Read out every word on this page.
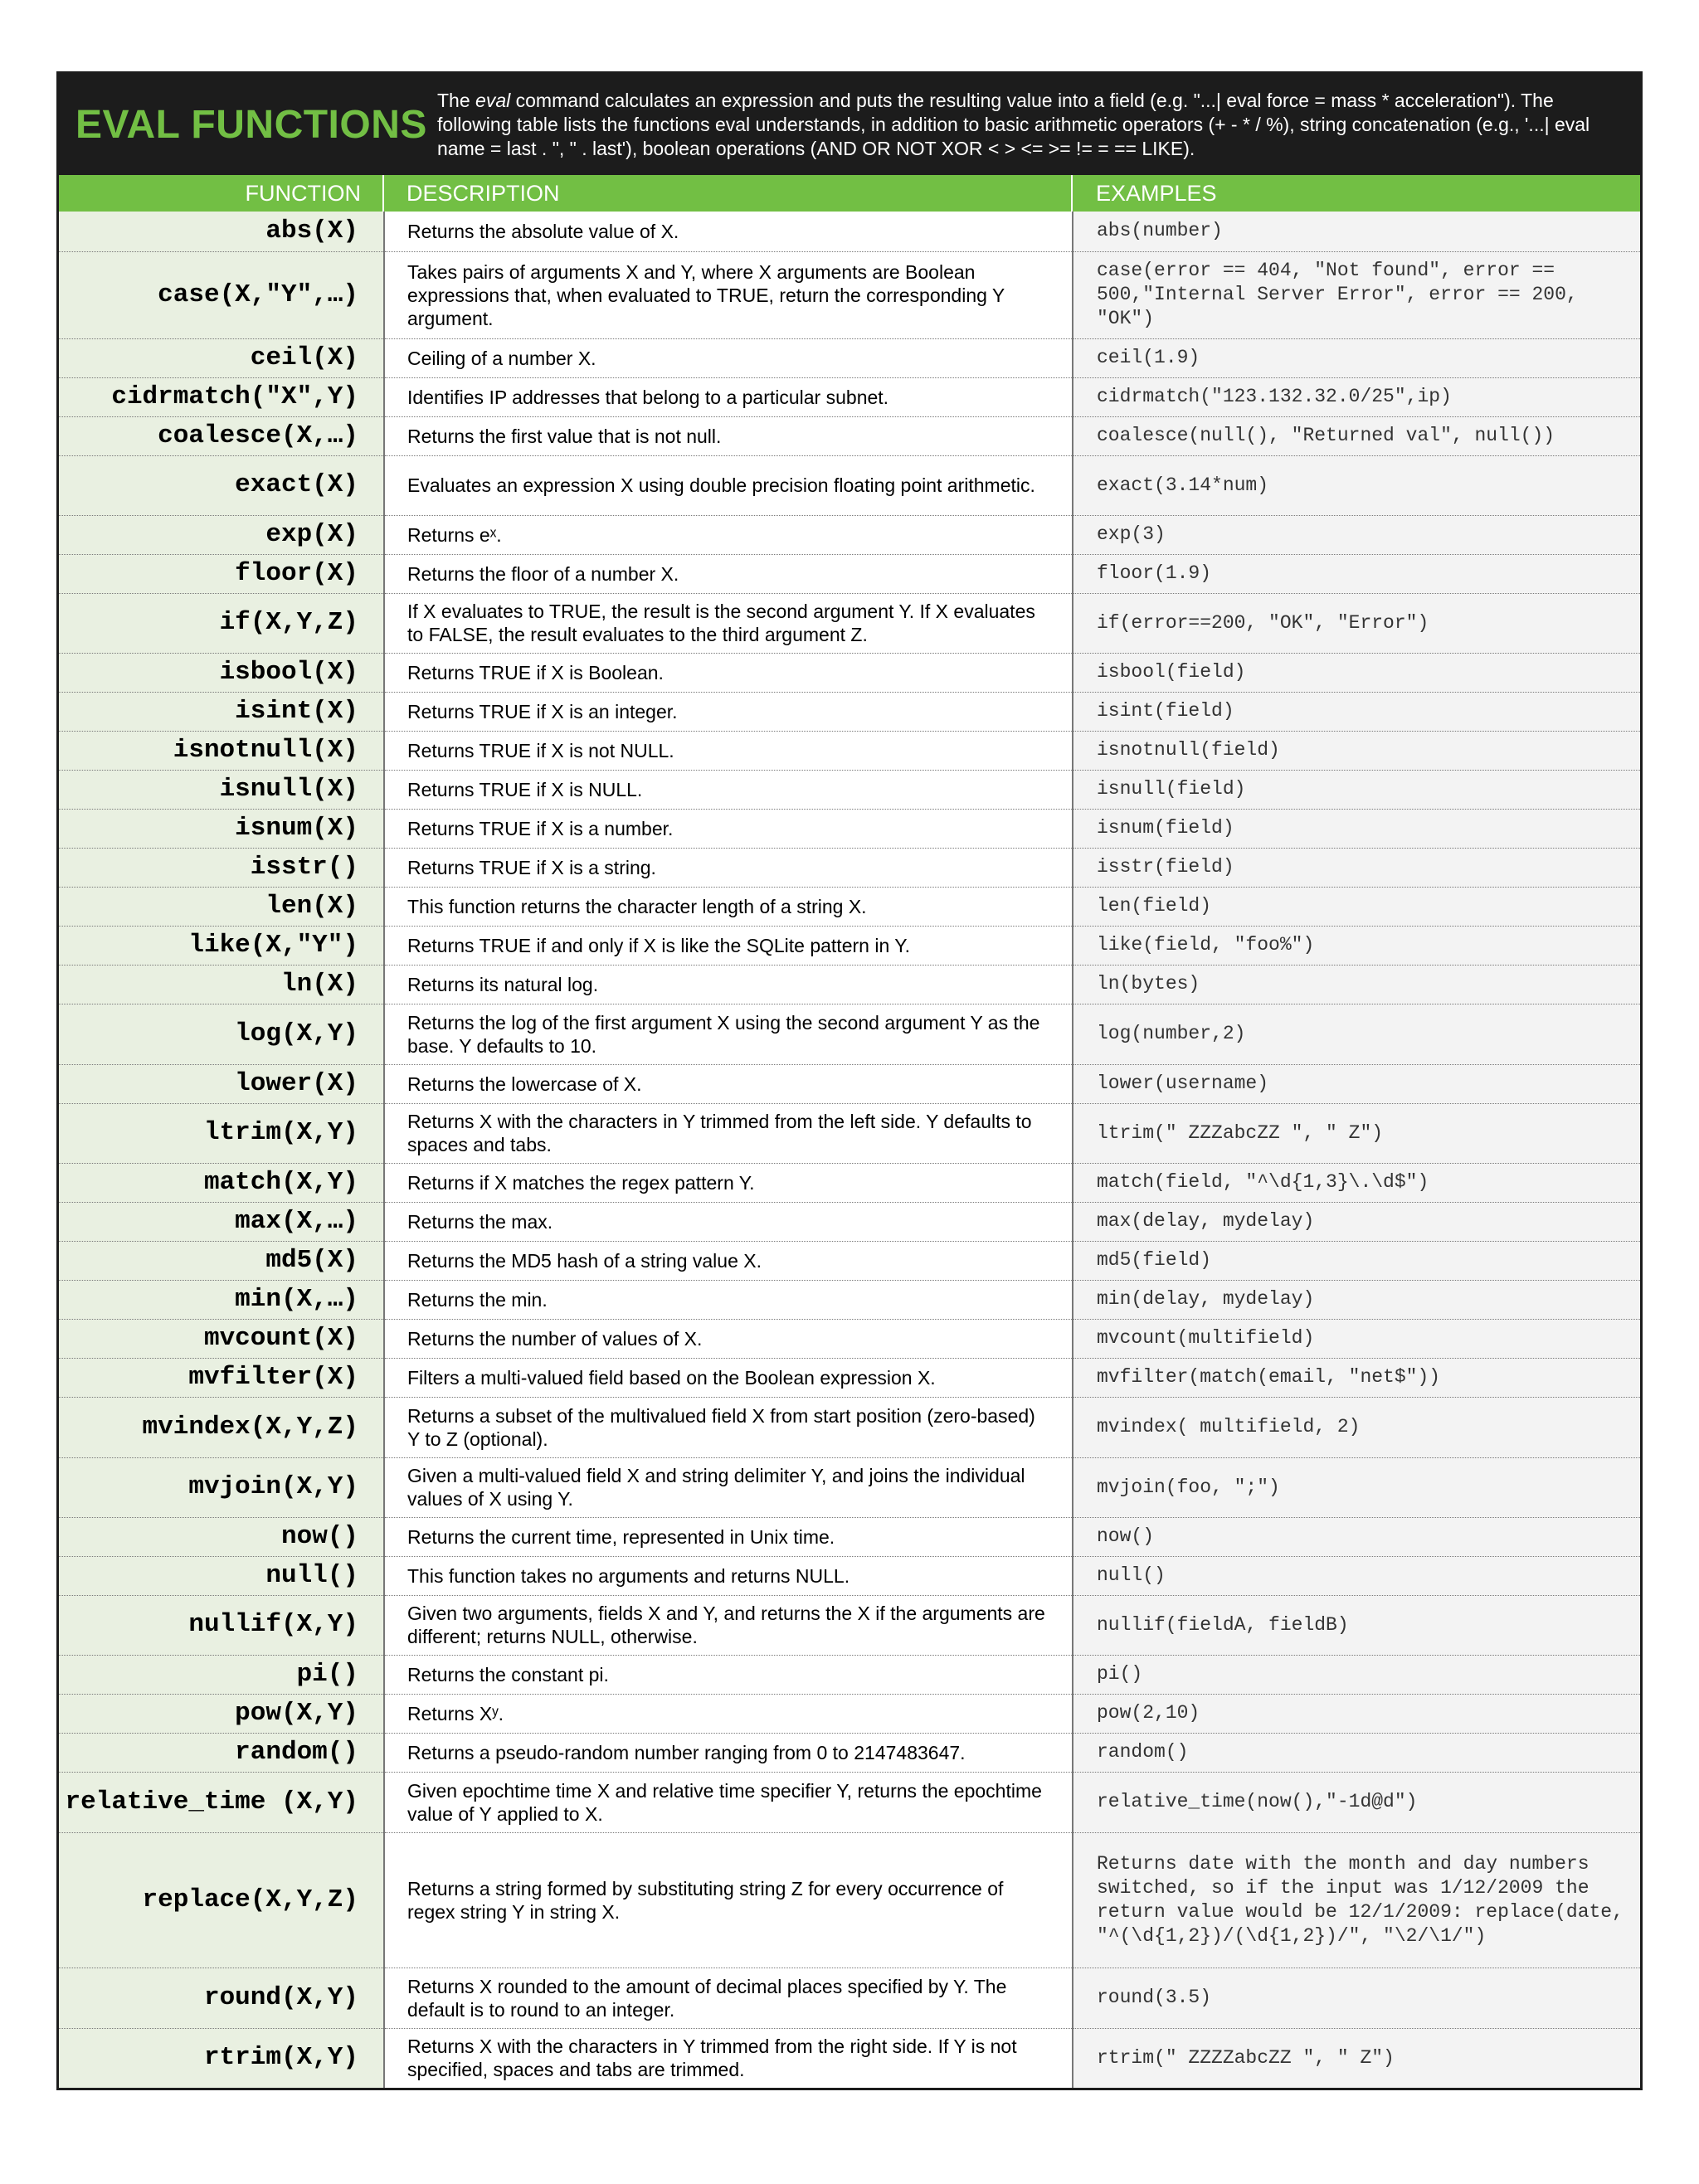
EVAL FUNCTIONS
The eval command calculates an expression and puts the resulting value into a field (e.g. "...| eval force = mass * acceleration"). The following table lists the functions eval understands, in addition to basic arithmetic operators (+ - * / %), string concatenation (e.g., '...| eval name = last . ", " . last'), boolean operations (AND OR NOT XOR < > <= >= != = == LIKE).
FUNCTION	DESCRIPTION	EXAMPLES
abs(X)	Returns the absolute value of X.	abs(number)
case(X,"Y",…)	Takes pairs of arguments X and Y, where X arguments are Boolean expressions that, when evaluated to TRUE, return the corresponding Y argument.	case(error == 404, "Not found", error == 500,"Internal Server Error", error == 200, "OK")
ceil(X)	Ceiling of a number X.	ceil(1.9)
cidrmatch("X",Y)	Identifies IP addresses that belong to a particular subnet.	cidrmatch("123.132.32.0/25",ip)
coalesce(X,…)	Returns the first value that is not null.	coalesce(null(), "Returned val", null())
exact(X)	Evaluates an expression X using double precision floating point arithmetic.	exact(3.14*num)
exp(X)	Returns eˣ.	exp(3)
floor(X)	Returns the floor of a number X.	floor(1.9)
if(X,Y,Z)	If X evaluates to TRUE, the result is the second argument Y. If X evaluates to FALSE, the result evaluates to the third argument Z.	if(error==200, "OK", "Error")
isbool(X)	Returns TRUE if X is Boolean.	isbool(field)
isint(X)	Returns TRUE if X is an integer.	isint(field)
isnotnull(X)	Returns TRUE if X is not NULL.	isnotnull(field)
isnull(X)	Returns TRUE if X is NULL.	isnull(field)
isnum(X)	Returns TRUE if X is a number.	isnum(field)
isstr()	Returns TRUE if X is a string.	isstr(field)
len(X)	This function returns the character length of a string X.	len(field)
like(X,"Y")	Returns TRUE if and only if X is like the SQLite pattern in Y.	like(field, "foo%")
ln(X)	Returns its natural log.	ln(bytes)
log(X,Y)	Returns the log of the first argument X using the second argument Y as the base. Y defaults to 10.	log(number,2)
lower(X)	Returns the lowercase of X.	lower(username)
ltrim(X,Y)	Returns X with the characters in Y trimmed from the left side. Y defaults to spaces and tabs.	ltrim(" ZZZabcZZ ", " Z")
match(X,Y)	Returns if X matches the regex pattern Y.	match(field, "^\d{1,3}\.\d$")
max(X,…)	Returns the max.	max(delay, mydelay)
md5(X)	Returns the MD5 hash of a string value X.	md5(field)
min(X,…)	Returns the min.	min(delay, mydelay)
mvcount(X)	Returns the number of values of X.	mvcount(multifield)
mvfilter(X)	Filters a multi-valued field based on the Boolean expression X.	mvfilter(match(email, "net$"))
mvindex(X,Y,Z)	Returns a subset of the multivalued field X from start position (zero-based) Y to Z (optional).	mvindex( multifield, 2)
mvjoin(X,Y)	Given a multi-valued field X and string delimiter Y, and joins the individual values of X using Y.	mvjoin(foo, ";")
now()	Returns the current time, represented in Unix time.	now()
null()	This function takes no arguments and returns NULL.	null()
nullif(X,Y)	Given two arguments, fields X and Y, and returns the X if the arguments are different; returns NULL, otherwise.	nullif(fieldA, fieldB)
pi()	Returns the constant pi.	pi()
pow(X,Y)	Returns Xʸ.	pow(2,10)
random()	Returns a pseudo-random number ranging from 0 to 2147483647.	random()
relative_time (X,Y)	Given epochtime time X and relative time specifier Y, returns the epochtime value of Y applied to X.	relative_time(now(),"-1d@d")
replace(X,Y,Z)	Returns a string formed by substituting string Z for every occurrence of regex string Y in string X.	Returns date with the month and day numbers switched, so if the input was 1/12/2009 the return value would be 12/1/2009: replace(date, "^(\d{1,2})/(\d{1,2})/", "\2/\1/")
round(X,Y)	Returns X rounded to the amount of decimal places specified by Y. The default is to round to an integer.	round(3.5)
rtrim(X,Y)	Returns X with the characters in Y trimmed from the right side. If Y is not specified, spaces and tabs are trimmed.	rtrim(" ZZZZabcZZ ", " Z")
